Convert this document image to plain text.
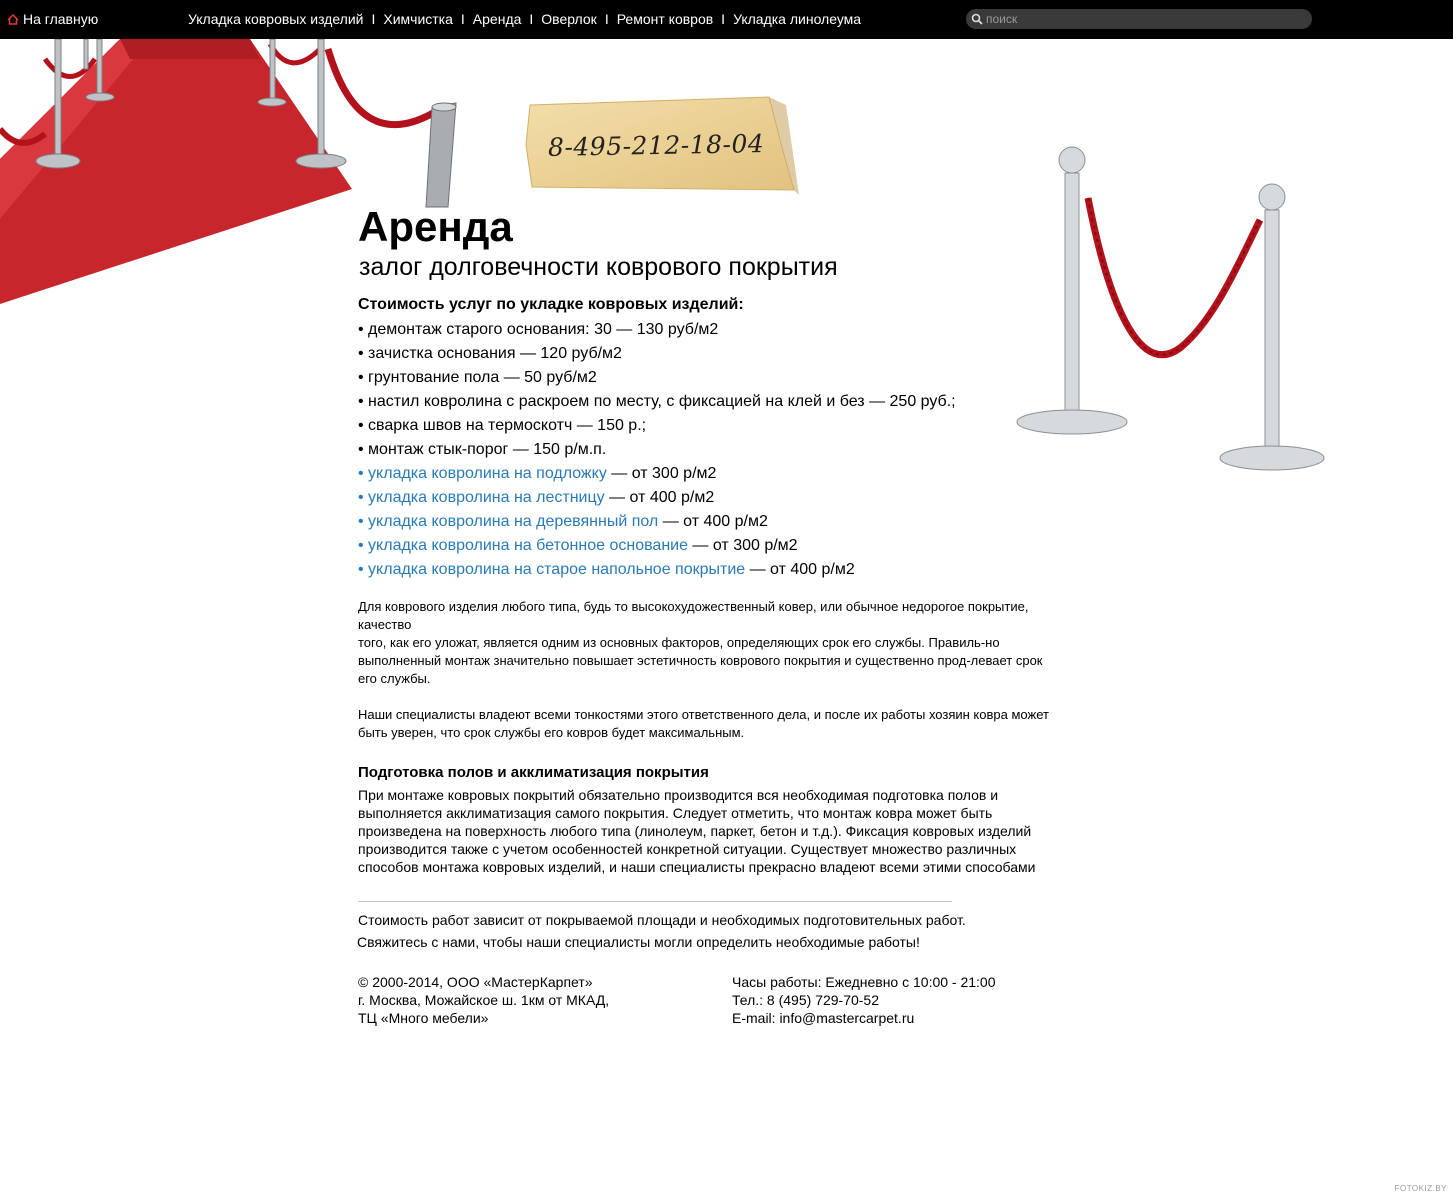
На главную	Укладка ковровых изделий I Химчистка I Аренда I Оверлок I Ремонт ковров I Укладка линолеума
поиск
8-495-212-18-04
Аренда
залог долговечности коврового покрытия
Стоимость услуг по укладке ковровых изделий:
• демонтаж старого основания: 30 — 130 руб/м2
• зачистка основания — 120 руб/м2
• грунтование пола — 50 руб/м2
• настил ковролина с раскроем по месту, с фиксацией на клей и без — 250 руб.;
• сварка швов на термоскотч — 150 р.;
• монтаж стык-порог — 150 р/м.п.
• укладка ковролина на подложку — от 300 р/м2
• укладка ковролина на лестницу — от 400 р/м2
• укладка ковролина на деревянный пол — от 400 р/м2
• укладка ковролина на бетонное основание — от 300 р/м2
• укладка ковролина на старое напольное покрытие — от 400 р/м2
Для коврового изделия любого типа, будь то высокохудожественный ковер, или обычное недорогое покрытие, качество
того, как его уложат, является одним из основных факторов, определяющих срок его службы. Правиль-но выполненный монтаж значительно повышает эстетичность коврового покрытия и существенно прод-левает срок его службы.
Наши специалисты владеют всеми тонкостями этого ответственного дела, и после их работы хозяин ковра может быть уверен, что срок службы его ковров будет максимальным.
Подготовка полов и акклиматизация покрытия
При монтаже ковровых покрытий обязательно производится вся необходимая подготовка полов и выполняется акклиматизация самого покрытия. Следует отметить, что монтаж ковра может быть произведена на поверхность любого типа (линолеум, паркет, бетон и т.д.). Фиксация ковровых изделий производится также с учетом особенностей конкретной ситуации. Существует множество различных способов монтажа ковровых изделий, и наши специалисты прекрасно владеют всеми этими способами
Стоимость работ зависит от покрываемой площади и необходимых подготовительных работ.
Свяжитесь с нами, чтобы наши специалисты могли определить необходимые работы!
© 2000-2014, ООО «МастерКарпет»
г. Москва, Можайское ш. 1км от МКАД,
ТЦ «Много мебели»
Часы работы: Ежедневно с 10:00 - 21:00
Тел.: 8 (495) 729-70-52
E-mail: info@mastercarpet.ru
FOTOKIZ.BY
